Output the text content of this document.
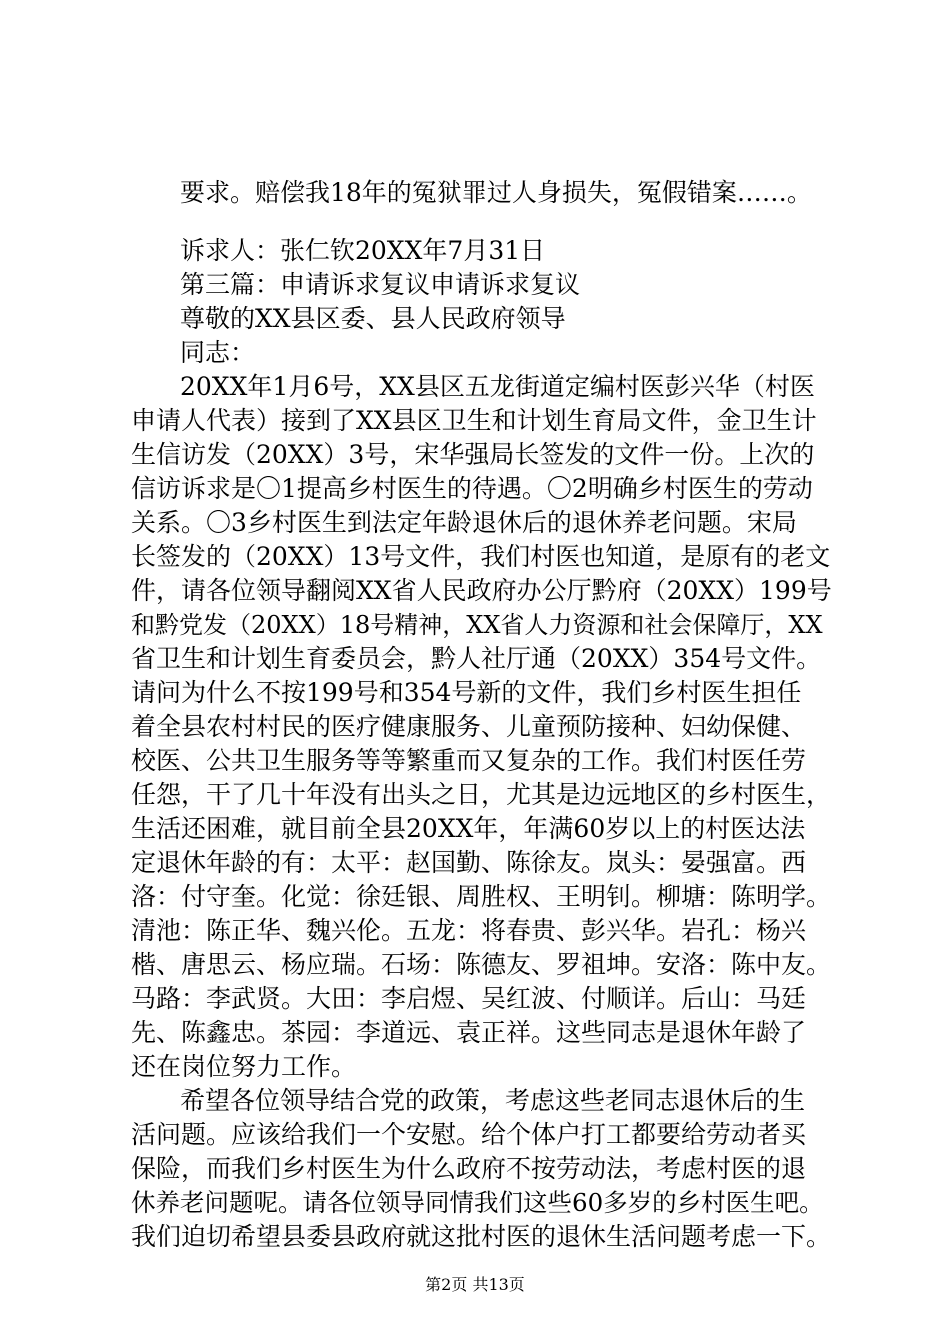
要求。赔偿我18年的冤狱罪过人身损失，冤假错案……。
诉求人：张仁钦20XX年7月31日
第三篇：申请诉求复议申请诉求复议
尊敬的XX县区委、县人民政府领导
同志：
20XX年1月6号，XX县区五龙街道定编村医彭兴华（村医
申请人代表）接到了XX县区卫生和计划生育局文件，金卫生计
生信访发（20XX）3号，宋华强局长签发的文件一份。上次的
信访诉求是〇1提高乡村医生的待遇。〇2明确乡村医生的劳动
关系。〇3乡村医生到法定年龄退休后的退休养老问题。宋局
长签发的（20XX）13号文件，我们村医也知道，是原有的老文
件，请各位领导翻阅XX省人民政府办公厅黔府（20XX）199号
和黔党发（20XX）18号精神，XX省人力资源和社会保障厅，XX
省卫生和计划生育委员会，黔人社厅通（20XX）354号文件。
请问为什么不按199号和354号新的文件，我们乡村医生担任
着全县农村村民的医疗健康服务、儿童预防接种、妇幼保健、
校医、公共卫生服务等等繁重而又复杂的工作。我们村医任劳
任怨，干了几十年没有出头之日，尤其是边远地区的乡村医生，
生活还困难，就目前全县20XX年，年满60岁以上的村医达法
定退休年龄的有：太平：赵国勤、陈徐友。岚头：晏强富。西
洛：付守奎。化觉：徐廷银、周胜权、王明钊。柳塘：陈明学。
清池：陈正华、魏兴伦。五龙：将春贵、彭兴华。岩孔：杨兴
楷、唐思云、杨应瑞。石场：陈德友、罗祖坤。安洛：陈中友。
马路：李武贤。大田：李启煜、吴红波、付顺详。后山：马廷
先、陈鑫忠。茶园：李道远、袁正祥。这些同志是退休年龄了
还在岗位努力工作。
希望各位领导结合党的政策，考虑这些老同志退休后的生
活问题。应该给我们一个安慰。给个体户打工都要给劳动者买
保险，而我们乡村医生为什么政府不按劳动法，考虑村医的退
休养老问题呢。请各位领导同情我们这些60多岁的乡村医生吧。
我们迫切希望县委县政府就这批村医的退休生活问题考虑一下。
第2页 共13页
